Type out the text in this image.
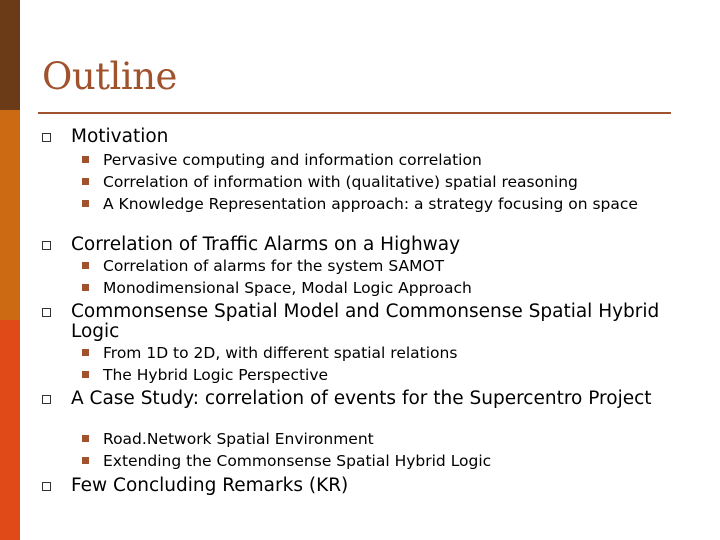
Outline
Motivation
Pervasive computing and information correlation
Correlation of information with (qualitative) spatial reasoning
A Knowledge Representation approach: a strategy focusing on space
Correlation of Traffic Alarms on a Highway
Correlation of alarms for the system SAMOT
Monodimensional Space, Modal Logic Approach
Commonsense Spatial Model and Commonsense Spatial Hybrid Logic
From 1D to 2D, with different spatial relations
The Hybrid Logic Perspective
A Case Study: correlation of events for the Supercentro Project
Road.Network Spatial Environment
Extending the Commonsense Spatial Hybrid Logic
Few Concluding Remarks (KR)
